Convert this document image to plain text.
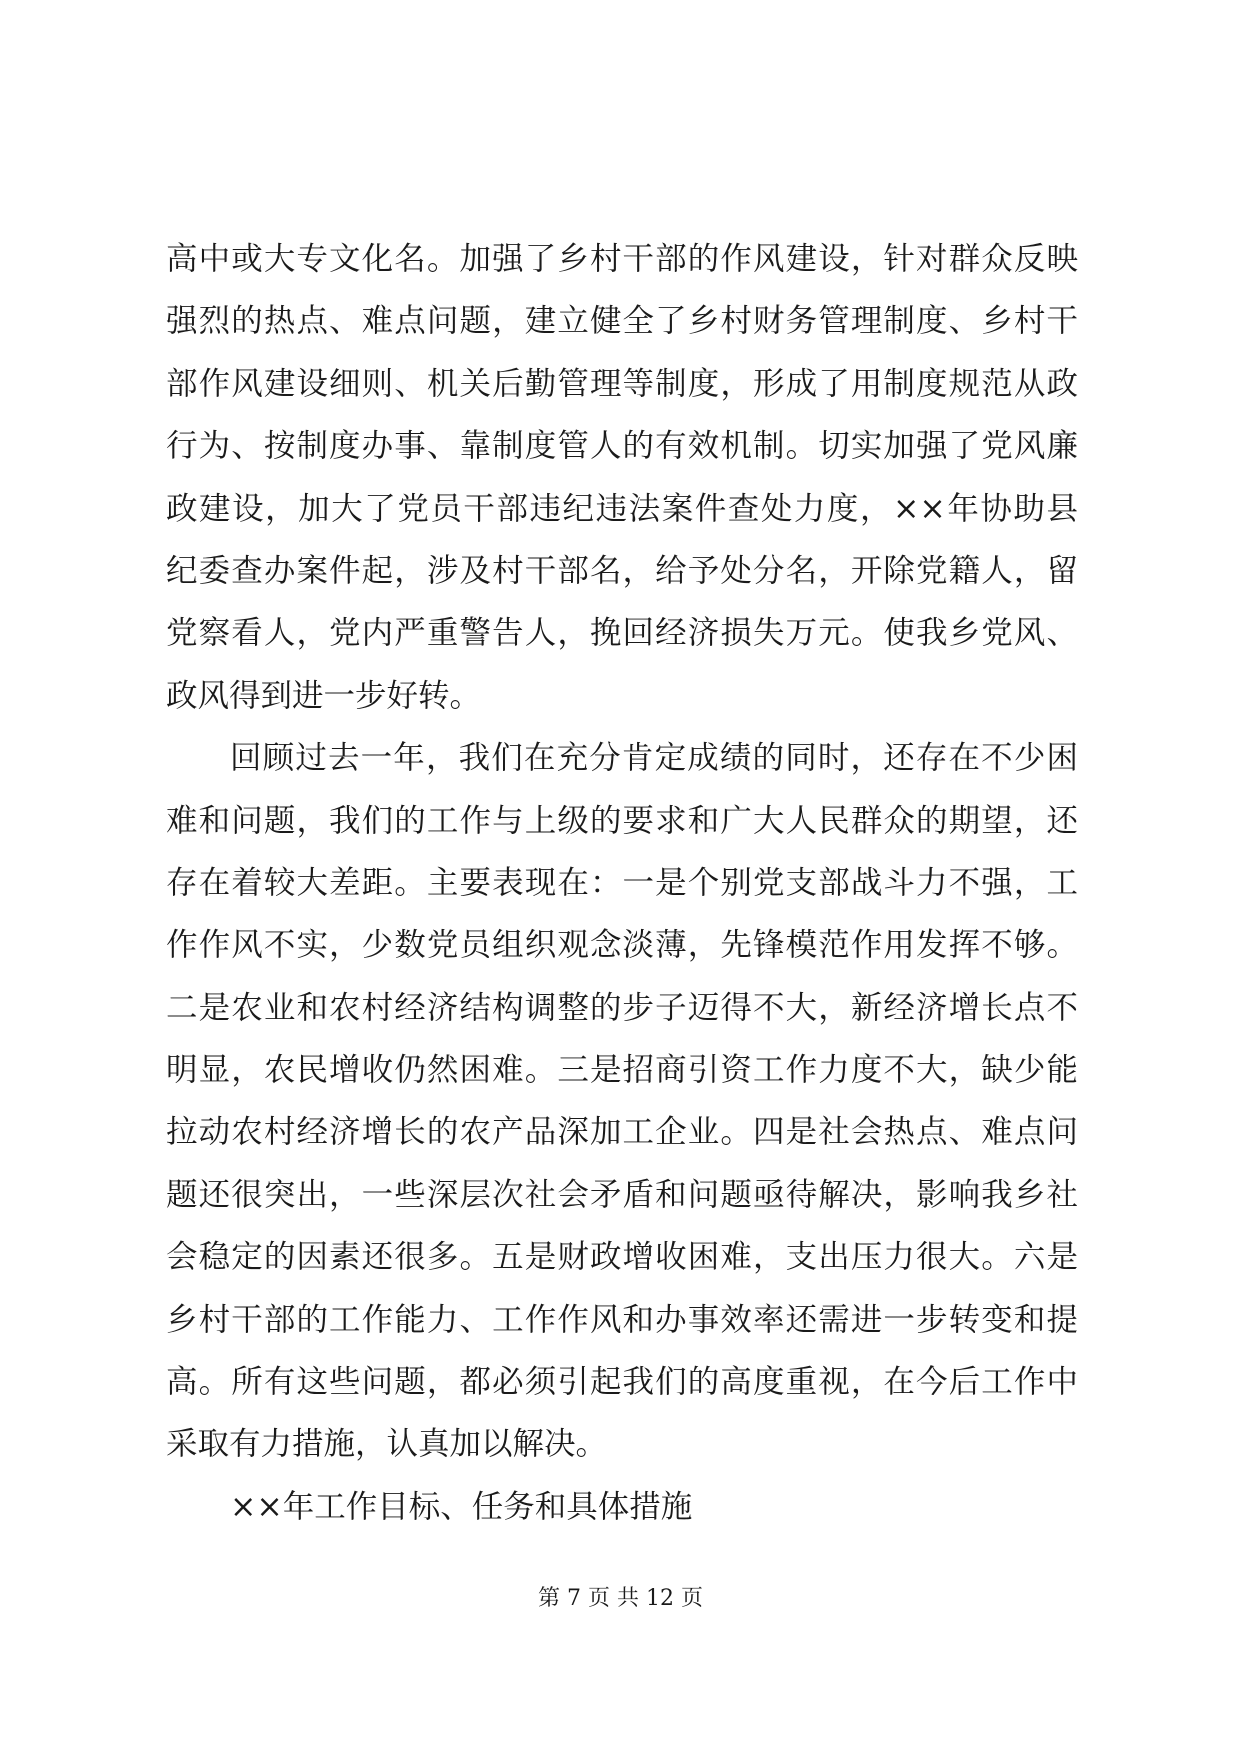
高中或大专文化名。加强了乡村干部的作风建设，针对群众反映
强烈的热点、难点问题，建立健全了乡村财务管理制度、乡村干
部作风建设细则、机关后勤管理等制度，形成了用制度规范从政
行为、按制度办事、靠制度管人的有效机制。切实加强了党风廉
政建设，加大了党员干部违纪违法案件查处力度，××年协助县
纪委查办案件起，涉及村干部名，给予处分名，开除党籍人，留
党察看人，党内严重警告人，挽回经济损失万元。使我乡党风、
政风得到进一步好转。
回顾过去一年，我们在充分肯定成绩的同时，还存在不少困
难和问题，我们的工作与上级的要求和广大人民群众的期望，还
存在着较大差距。主要表现在：一是个别党支部战斗力不强，工
作作风不实，少数党员组织观念淡薄，先锋模范作用发挥不够。
二是农业和农村经济结构调整的步子迈得不大，新经济增长点不
明显，农民增收仍然困难。三是招商引资工作力度不大，缺少能
拉动农村经济增长的农产品深加工企业。四是社会热点、难点问
题还很突出，一些深层次社会矛盾和问题亟待解决，影响我乡社
会稳定的因素还很多。五是财政增收困难，支出压力很大。六是
乡村干部的工作能力、工作作风和办事效率还需进一步转变和提
高。所有这些问题，都必须引起我们的高度重视，在今后工作中
采取有力措施，认真加以解决。
××年工作目标、任务和具体措施
第 7 页 共 12 页
